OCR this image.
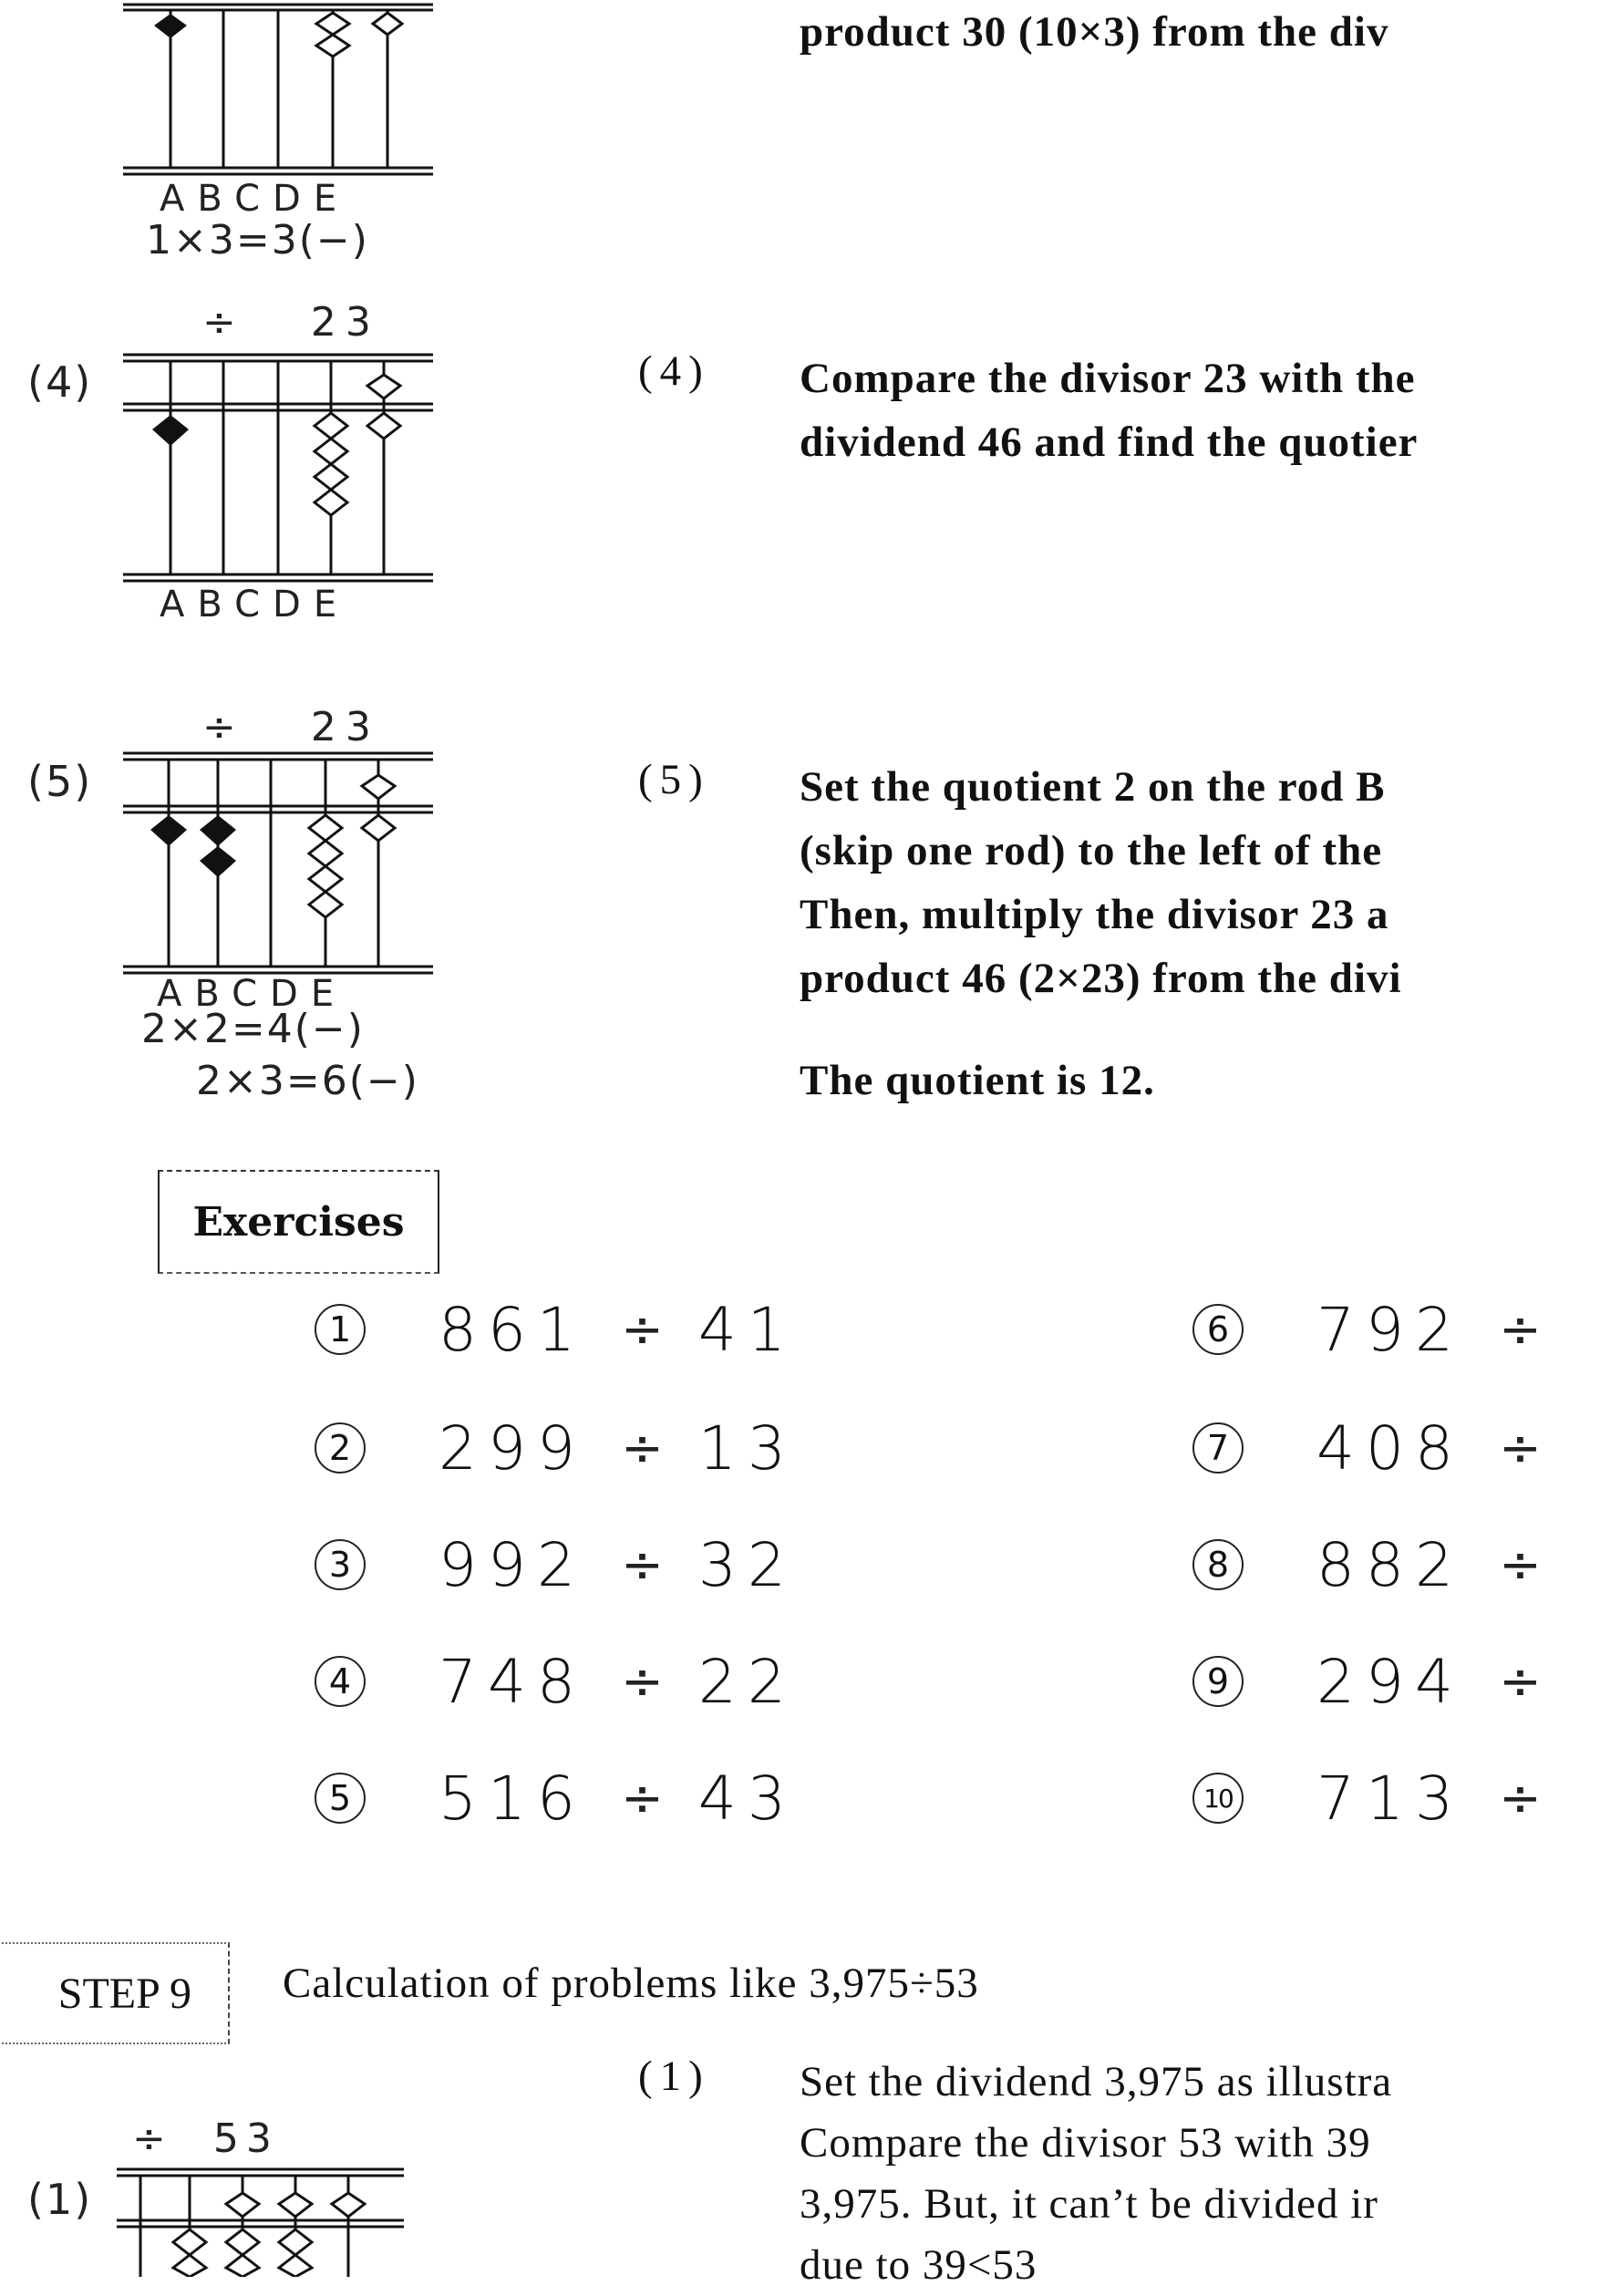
ABCDE
1×3=3(−)
product 30 (10×3) from the div
÷   23
(4)
ABCDE
(4) Compare the divisor 23 with the
dividend 46 and find the quotier
÷   23
(5)
ABCDE
2×2=4(−)
2×3=6(−)
(5) Set the quotient 2 on the rod B
(skip one rod) to the left of the
Then, multiply the divisor 23 a
product 46 (2×23) from the divi
The quotient is 12.
Exercises
1 861 ÷ 41
2 299 ÷ 13
3 992 ÷ 32
4 748 ÷ 22
5 516 ÷ 43
6 792 ÷
7 408 ÷
8 882 ÷
9 294 ÷
10 713 ÷
STEP 9	Calculation of problems like 3,975÷53
÷  53
(1)
(1) Set the dividend 3,975 as illustra
Compare the divisor 53 with 39
3,975. But, it can’t be divided ir
due to 39<53
